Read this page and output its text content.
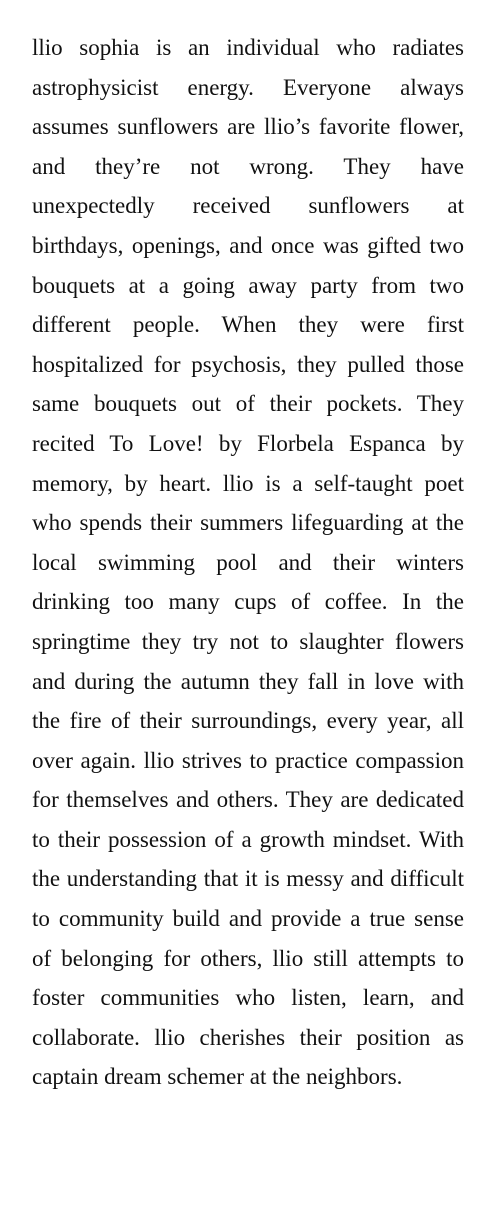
llio sophia is an individual who radiates astrophysicist energy. Everyone always assumes sunflowers are llio’s favorite flower, and they’re not wrong. They have unexpectedly received sunflowers at birthdays, openings, and once was gifted two bouquets at a going away party from two different people. When they were first hospitalized for psychosis, they pulled those same bouquets out of their pockets. They recited To Love! by Florbela Espanca by memory, by heart. llio is a self-taught poet who spends their summers lifeguarding at the local swimming pool and their winters drinking too many cups of coffee. In the springtime they try not to slaughter flowers and during the autumn they fall in love with the fire of their surroundings, every year, all over again. llio strives to practice compassion for themselves and others. They are dedicated to their possession of a growth mindset. With the understanding that it is messy and difficult to community build and provide a true sense of belonging for others, llio still attempts to foster communities who listen, learn, and collaborate. llio cherishes their position as captain dream schemer at the neighbors.
